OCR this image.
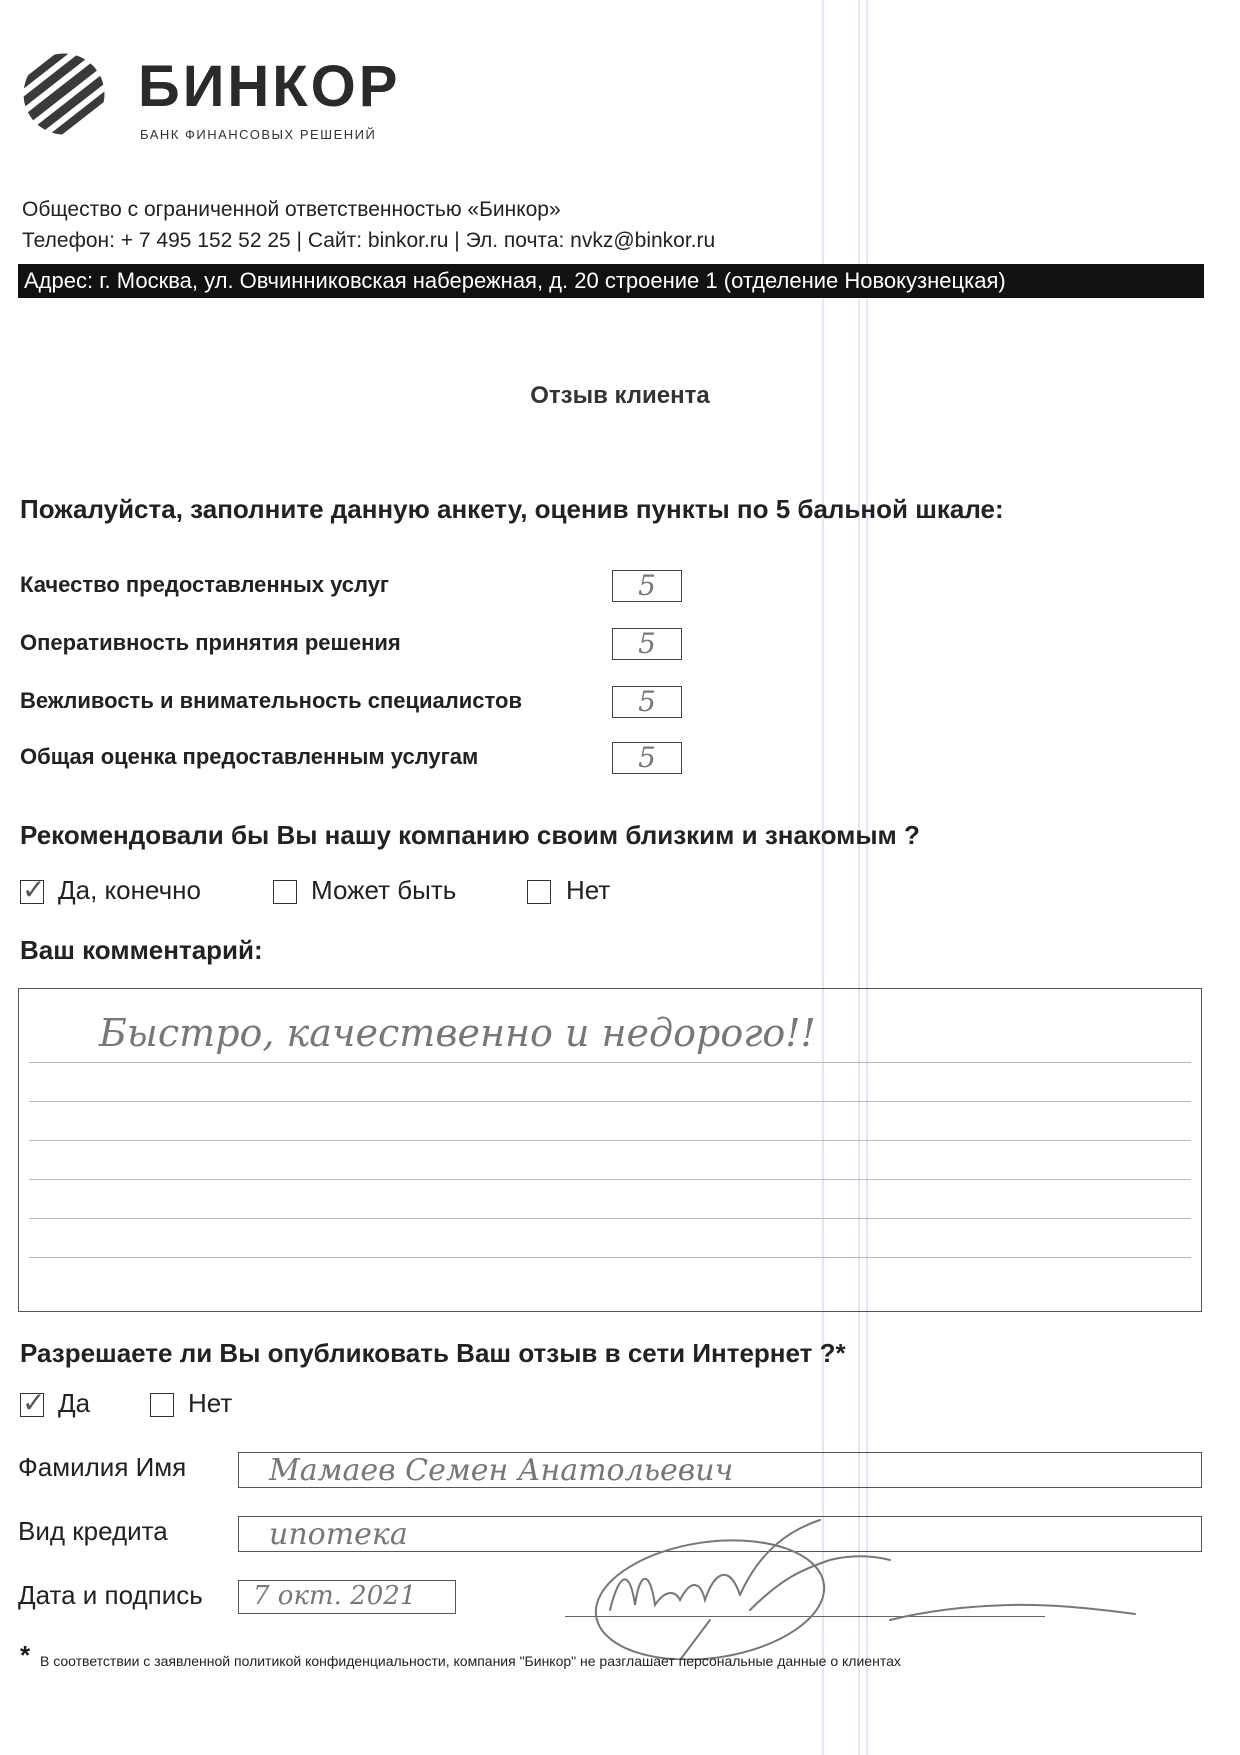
БИНКОР
БАНК ФИНАНСОВЫХ РЕШЕНИЙ
Общество с ограниченной ответственностью «Бинкор»
Телефон: + 7 495 152 52 25 | Сайт: binkor.ru | Эл. почта: nvkz@binkor.ru
Адрес: г. Москва, ул. Овчинниковская набережная, д. 20 строение 1 (отделение Новокузнецкая)
Отзыв клиента
Пожалуйста, заполните данную анкету, оценив пункты по 5 бальной шкале:
Качество предоставленных услуг	5
Оперативность принятия решения	5
Вежливость и внимательность специалистов	5
Общая оценка предоставленным услугам	5
Рекомендовали бы Вы нашу компанию своим близким и знакомым ?
✓ Да, конечно	Может быть	Нет
Ваш комментарий:
Быстро, качественно и недорого!!
Разрешаете ли Вы опубликовать Ваш отзыв в сети Интернет ?*
✓ Да	Нет
Фамилия Имя	Мамаев Семен Анатольевич
Вид кредита	ипотека
Дата и подпись 7 окт. 2021
* В соответствии с заявленной политикой конфиденциальности, компания "Бинкор" не разглашает персональные данные о клиентах
